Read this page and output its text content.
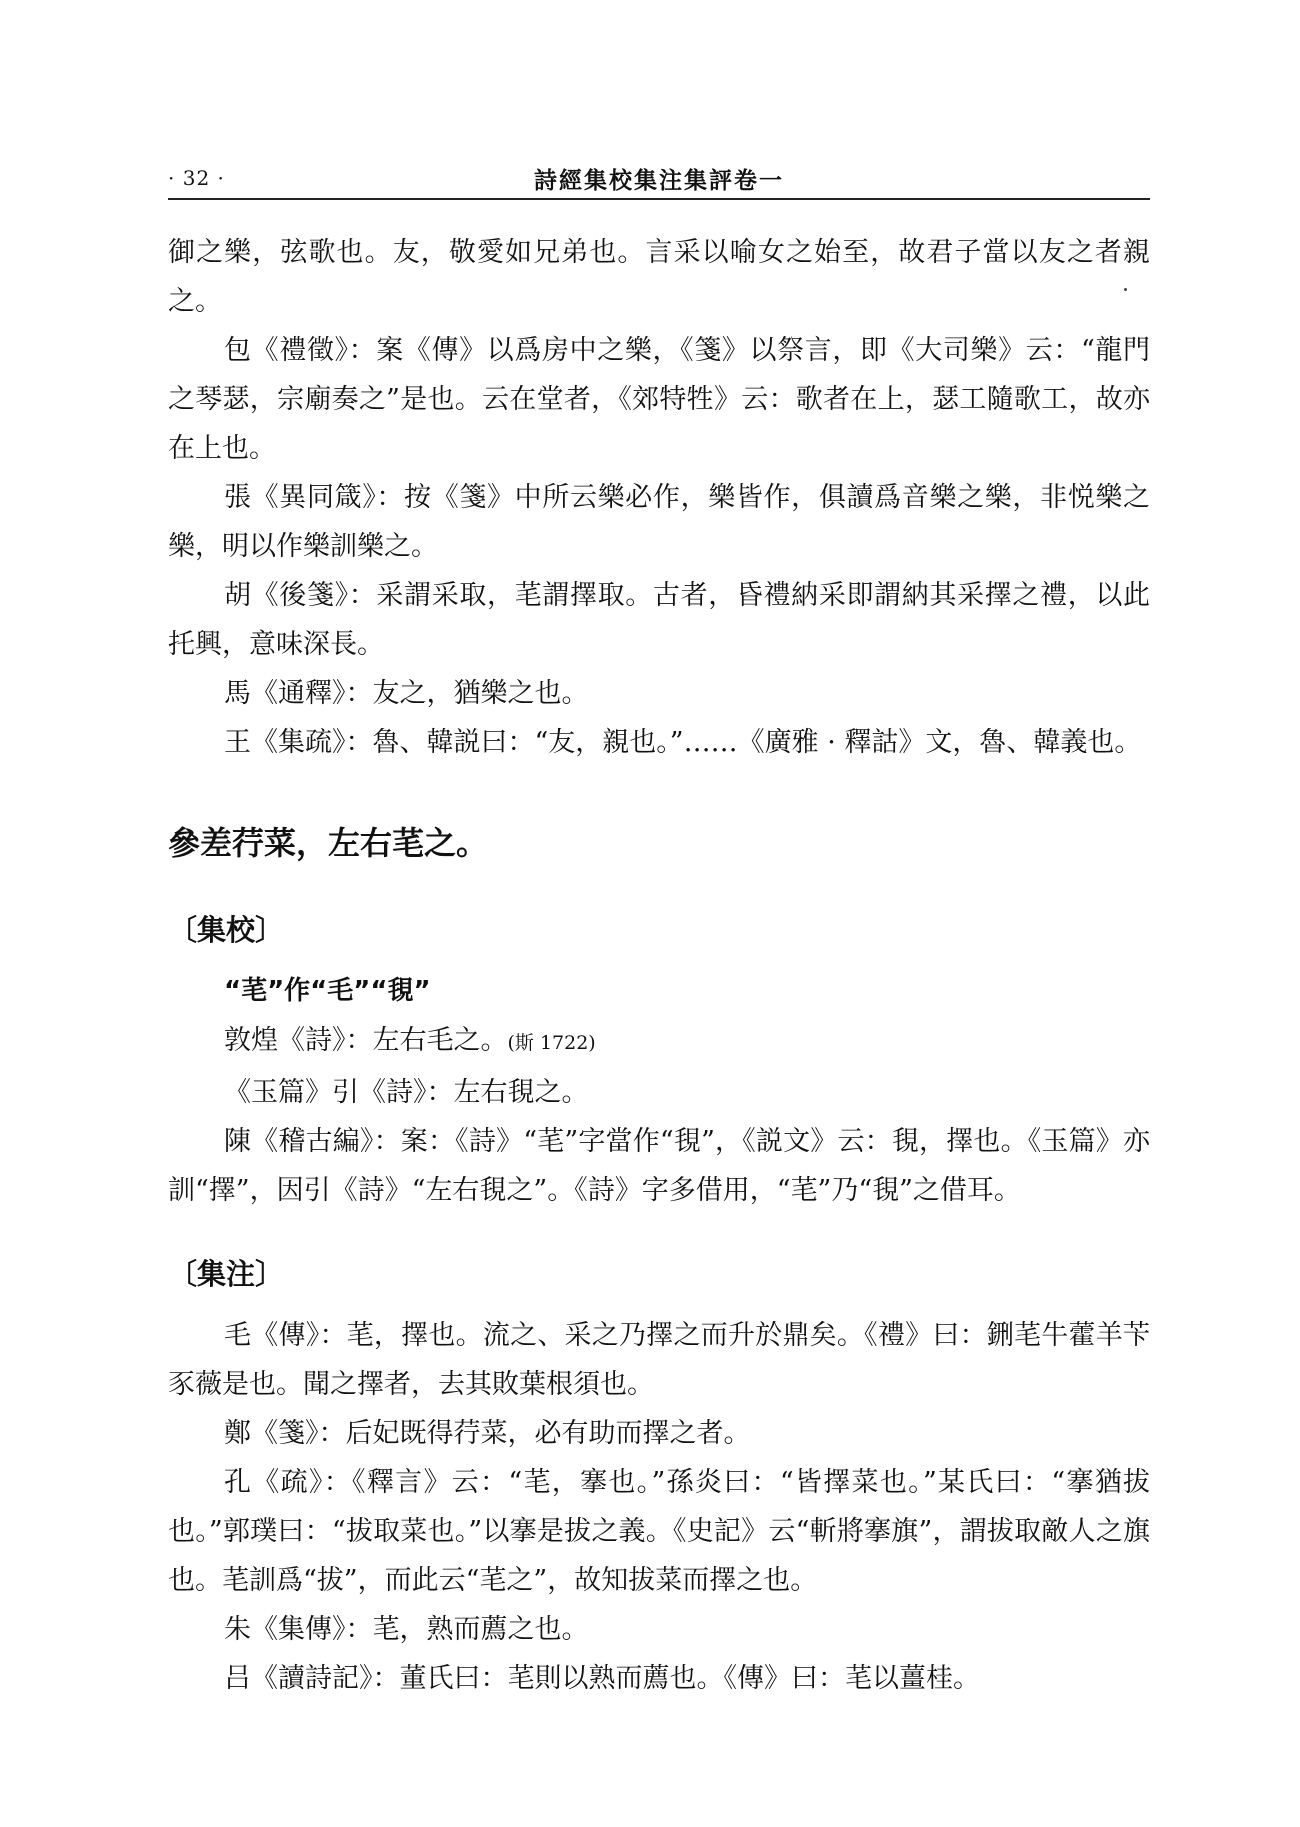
· 32 ·	詩經集校集注集評卷一

御之樂，弦歌也。友，敬愛如兄弟也。言采以喻女之始至，故君子當以友之者親之。

包《禮徵》：案《傳》以爲房中之樂，《箋》以祭言，即《大司樂》云：“龍門之琴瑟，宗廟奏之”是也。云在堂者，《郊特牲》云：歌者在上，瑟工隨歌工，故亦在上也。

張《異同箴》：按《箋》中所云樂必作，樂皆作，俱讀爲音樂之樂，非悦樂之樂，明以作樂訓樂之。

胡《後箋》：采謂采取，芼謂擇取。古者，昏禮納采即謂納其采擇之禮，以此托興，意味深長。

馬《通釋》：友之，猶樂之也。

王《集疏》：魯、韓説曰：“友，親也。”……《廣雅 · 釋詁》文，魯、韓義也。

參差荇菜，左右芼之。
〔集校〕
“芼”作“毛”“覒”

敦煌《詩》：左右毛之。(斯 1722)

《玉篇》引《詩》：左右覒之。

陳《稽古編》：案：《詩》“芼”字當作“覒”，《説文》云：覒，擇也。《玉篇》亦訓“擇”，因引《詩》“左右覒之”。《詩》字多借用，“芼”乃“覒”之借耳。

〔集注〕

毛《傳》：芼，擇也。流之、采之乃擇之而升於鼎矣。《禮》曰：鉶芼牛藿羊苄豕薇是也。聞之擇者，去其敗葉根須也。

鄭《箋》：后妃既得荇菜，必有助而擇之者。

孔《疏》：《釋言》云：“芼，搴也。”孫炎曰：“皆擇菜也。”某氏曰：“搴猶拔也。”郭璞曰：“拔取菜也。”以搴是拔之義。《史記》云“斬將搴旗”，謂拔取敵人之旗也。芼訓爲“拔”，而此云“芼之”，故知拔菜而擇之也。

朱《集傳》：芼，熟而薦之也。

吕《讀詩記》：董氏曰：芼則以熟而薦也。《傳》曰：芼以薑桂。
